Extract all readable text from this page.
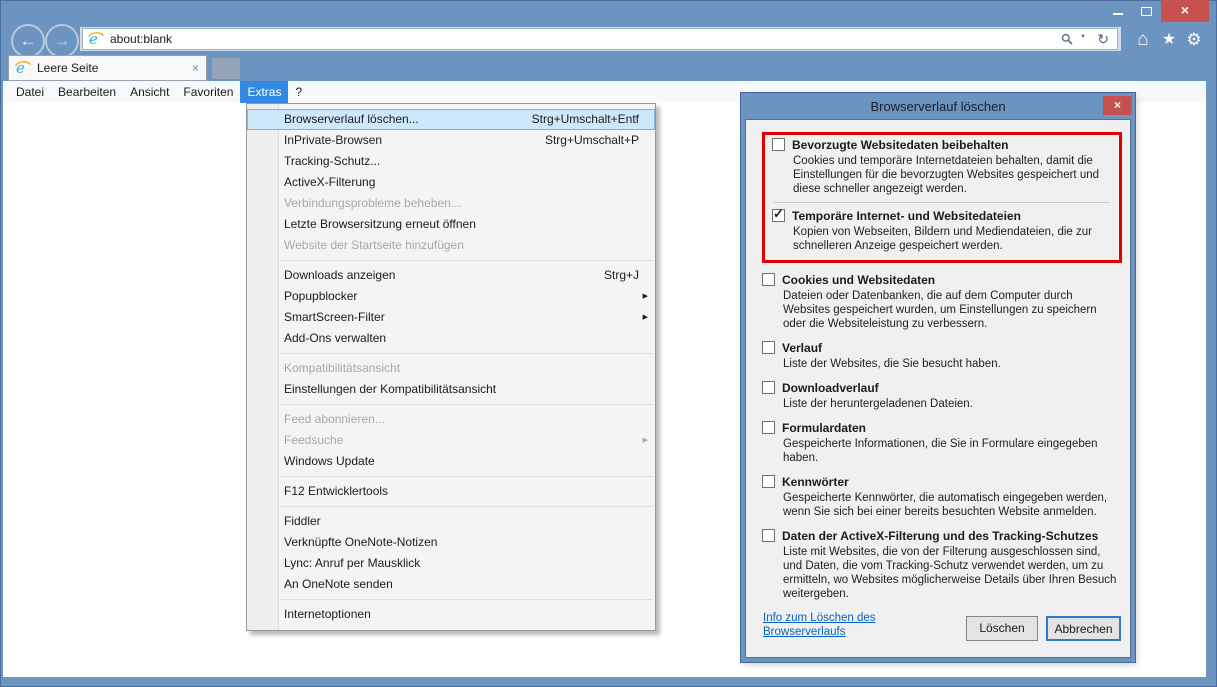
×
←	→	e about:blank	▼ ↻	⌂ ★ ⚙
e Leere Seite	×
Datei Bearbeiten Ansicht Favoriten Extras ?
Browserverlauf löschen...	Strg+Umschalt+Entf
InPrivate-Browsen	Strg+Umschalt+P
Tracking-Schutz...
ActiveX-Filterung
Verbindungsprobleme beheben...
Letzte Browsersitzung erneut öffnen
Website der Startseite hinzufügen
Downloads anzeigen	Strg+J
Popupblocker	▶
SmartScreen-Filter	▶
Add-Ons verwalten
Kompatibilitätsansicht
Einstellungen der Kompatibilitätsansicht
Feed abonnieren...
Feedsuche	▶
Windows Update
F12 Entwicklertools
Fiddler
Verknüpfte OneNote-Notizen
Lync: Anruf per Mausklick
An OneNote senden
Internetoptionen
Browserverlauf löschen	×
Bevorzugte Websitedaten beibehalten
Cookies und temporäre Internetdateien behalten, damit die Einstellungen für die bevorzugten Websites gespeichert und diese schneller angezeigt werden.
✓ Temporäre Internet- und Websitedateien
Kopien von Webseiten, Bildern und Mediendateien, die zur schnelleren Anzeige gespeichert werden.
Cookies und Websitedaten
Dateien oder Datenbanken, die auf dem Computer durch Websites gespeichert wurden, um Einstellungen zu speichern oder die Websiteleistung zu verbessern.
Verlauf
Liste der Websites, die Sie besucht haben.
Downloadverlauf
Liste der heruntergeladenen Dateien.
Formulardaten
Gespeicherte Informationen, die Sie in Formulare eingegeben haben.
Kennwörter
Gespeicherte Kennwörter, die automatisch eingegeben werden, wenn Sie sich bei einer bereits besuchten Website anmelden.
Daten der ActiveX-Filterung und des Tracking-Schutzes
Liste mit Websites, die von der Filterung ausgeschlossen sind, und Daten, die vom Tracking-Schutz verwendet werden, um zu ermitteln, wo Websites möglicherweise Details über Ihren Besuch weitergeben.
Info zum Löschen des Browserverlaufs	Löschen	Abbrechen
